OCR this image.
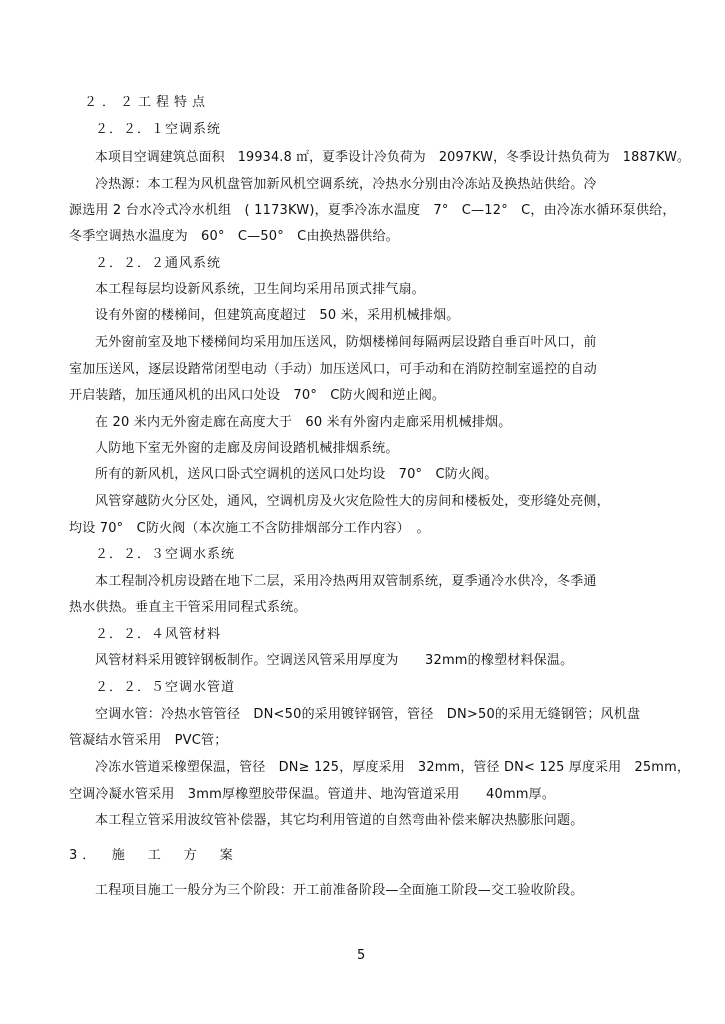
２．２工程特点

２．２．１空调系统

本项目空调建筑总面积　19934.8 ㎡，夏季设计冷负荷为　2097KW，冬季设计热负荷为　1887KW。

冷热源：本工程为风机盘管加新风机空调系统，冷热水分别由冷冻站及换热站供给。冷

源选用 2 台水冷式冷水机组　( 1173KW)，夏季冷冻水温度　7°　C—12°　C，由冷冻水循环泵供给，

冬季空调热水温度为　60°　C—50°　C由换热器供给。

２．２．２通风系统

本工程每层均设新风系统，卫生间均采用吊顶式排气扇。

设有外窗的楼梯间，但建筑高度超过　50 米，采用机械排烟。

无外窗前室及地下楼梯间均采用加压送风，防烟楼梯间每隔两层设踏自垂百叶风口，前

室加压送风，逐层设踏常闭型电动（手动）加压送风口，可手动和在消防控制室遥控的自动

开启装踏，加压通风机的出风口处设　70°　C防火阀和逆止阀。

在 20 米内无外窗走廊在高度大于　60 米有外窗内走廊采用机械排烟。

人防地下室无外窗的走廊及房间设踏机械排烟系统。

所有的新风机，送风口卧式空调机的送风口处均设　70°　C防火阀。

风管穿越防火分区处，通风，空调机房及火灾危险性大的房间和楼板处，变形缝处亮侧，

均设 70°　C防火阀（本次施工不含防排烟部分工作内容）　。

２．２．３空调水系统

本工程制冷机房设踏在地下二层，采用冷热两用双管制系统，夏季通冷水供冷，冬季通

热水供热。垂直主干管采用同程式系统。

２．２．４风管材料

风管材料采用镀锌钢板制作。空调送风管采用厚度为　　32mm的橡塑材料保温。

２．２．５空调水管道

空调水管：冷热水管管径　DN<50的采用镀锌钢管，管径　DN>50的采用无缝钢管；风机盘

管凝结水管采用　PVC管；

冷冻水管道采橡塑保温，管径　DN≥ 125，厚度采用　32mm，管径 DN< 125 厚度采用　25mm，

空调冷凝水管采用　3mm厚橡塑胶带保温。管道井、地沟管道采用　　40mm厚。

本工程立管采用波纹管补偿器，其它均利用管道的自然弯曲补偿来解决热膨胀问题。

3．　施　工　方　案

工程项目施工一般分为三个阶段：开工前准备阶段—全面施工阶段—交工验收阶段。

5
